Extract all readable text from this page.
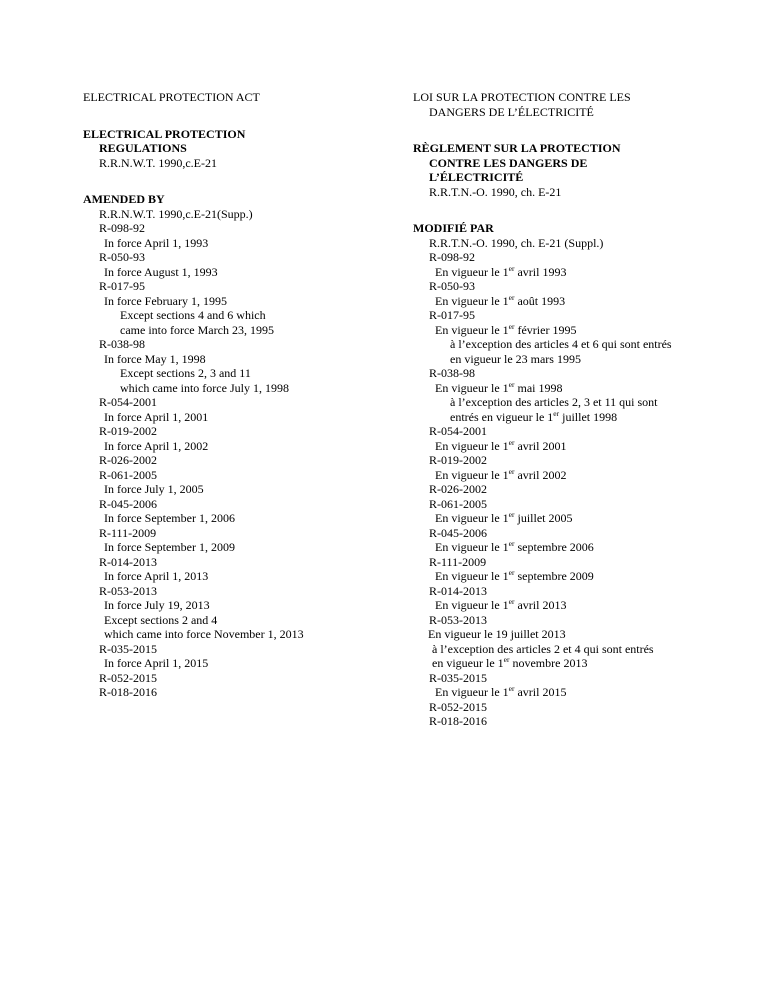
ELECTRICAL PROTECTION ACT
ELECTRICAL PROTECTION
REGULATIONS
R.R.N.W.T. 1990,c.E-21
AMENDED BY
R.R.N.W.T. 1990,c.E-21(Supp.)
R-098-92
In force April 1, 1993
R-050-93
In force August 1, 1993
R-017-95
In force February 1, 1995
Except sections 4 and 6 which
came into force March 23, 1995
R-038-98
In force May 1, 1998
Except sections 2, 3 and 11
which came into force July 1, 1998
R-054-2001
In force April 1, 2001
R-019-2002
In force April 1, 2002
R-026-2002
R-061-2005
In force July 1, 2005
R-045-2006
In force September 1, 2006
R-111-2009
In force September 1, 2009
R-014-2013
In force April 1, 2013
R-053-2013
In force July 19, 2013
Except sections 2 and 4
which came into force November 1, 2013
R-035-2015
In force April 1, 2015
R-052-2015
R-018-2016
LOI SUR LA PROTECTION CONTRE LES
DANGERS DE L’ÉLECTRICITÉ
RÈGLEMENT SUR LA PROTECTION
CONTRE LES DANGERS DE
L’ÉLECTRICITÉ
R.R.T.N.-O. 1990, ch. E-21
MODIFIÉ PAR
R.R.T.N.-O. 1990, ch. E-21 (Suppl.)
R-098-92
En vigueur le 1er avril 1993
R-050-93
En vigueur le 1er août 1993
R-017-95
En vigueur le 1er février 1995
à l’exception des articles 4 et 6 qui sont entrés
en vigueur le 23 mars 1995
R-038-98
En vigueur le 1er mai 1998
à l’exception des articles 2, 3 et 11 qui sont
entrés en vigueur le 1er juillet 1998
R-054-2001
En vigueur le 1er avril 2001
R-019-2002
En vigueur le 1er avril 2002
R-026-2002
R-061-2005
En vigueur le 1er juillet 2005
R-045-2006
En vigueur le 1er septembre 2006
R-111-2009
En vigueur le 1er septembre 2009
R-014-2013
En vigueur le 1er avril 2013
R-053-2013
En vigueur le 19 juillet 2013
à l’exception des articles 2 et 4 qui sont entrés
en vigueur le 1er novembre 2013
R-035-2015
En vigueur le 1er avril 2015
R-052-2015
R-018-2016
